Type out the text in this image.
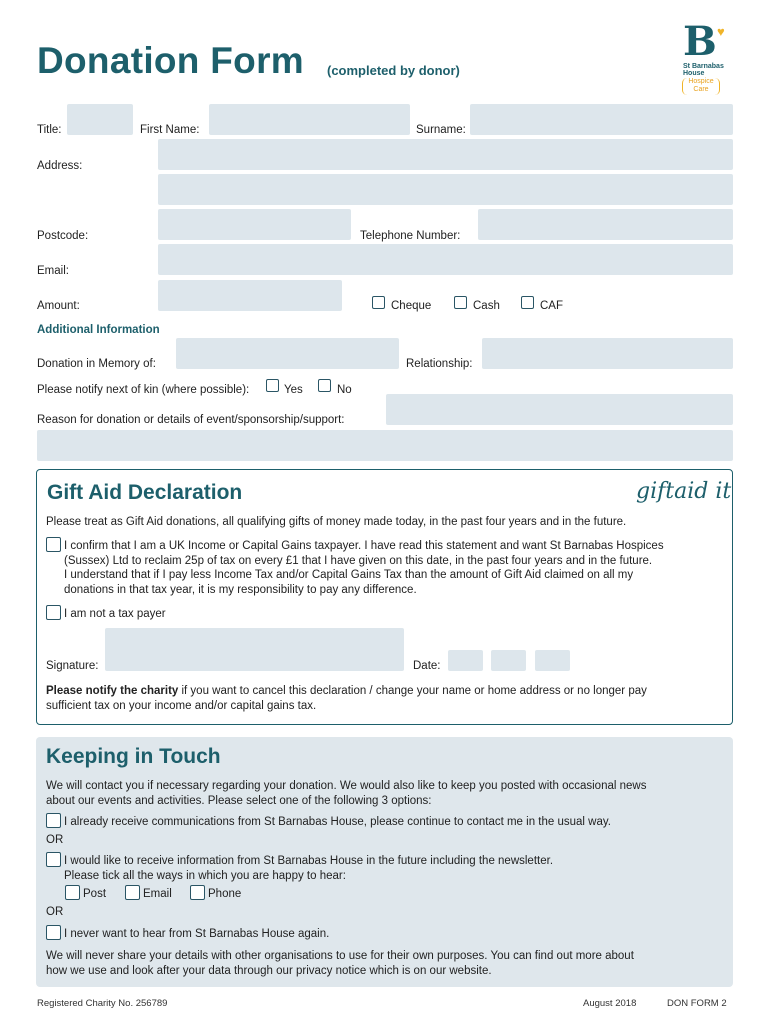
Donation Form (completed by donor)
B ♥
St Barnabas
House
Hospice
Care
Title:	First Name:	Surname:
Address:
Postcode:	Telephone Number:
Email:
Amount:	Cheque	Cash	CAF
Additional Information
Donation in Memory of:	Relationship:
Please notify next of kin (where possible):	Yes	No
Reason for donation or details of event/sponsorship/support:
Gift Aid Declaration	giftaid it
Please treat as Gift Aid donations, all qualifying gifts of money made today, in the past four years and in the future.
I confirm that I am a UK Income or Capital Gains taxpayer. I have read this statement and want St Barnabas Hospices
(Sussex) Ltd to reclaim 25p of tax on every £1 that I have given on this date, in the past four years and in the future.
I understand that if I pay less Income Tax and/or Capital Gains Tax than the amount of Gift Aid claimed on all my
donations in that tax year, it is my responsibility to pay any difference.
I am not a tax payer
Signature:	Date:
Please notify the charity if you want to cancel this declaration / change your name or home address or no longer pay
sufficient tax on your income and/or capital gains tax.
Keeping in Touch
We will contact you if necessary regarding your donation. We would also like to keep you posted with occasional news
about our events and activities. Please select one of the following 3 options:
I already receive communications from St Barnabas House, please continue to contact me in the usual way.
OR
I would like to receive information from St Barnabas House in the future including the newsletter.
Please tick all the ways in which you are happy to hear:
Post	Email	Phone
OR
I never want to hear from St Barnabas House again.
We will never share your details with other organisations to use for their own purposes. You can find out more about
how we use and look after your data through our privacy notice which is on our website.
Registered Charity No. 256789	August 2018	DON FORM 2
